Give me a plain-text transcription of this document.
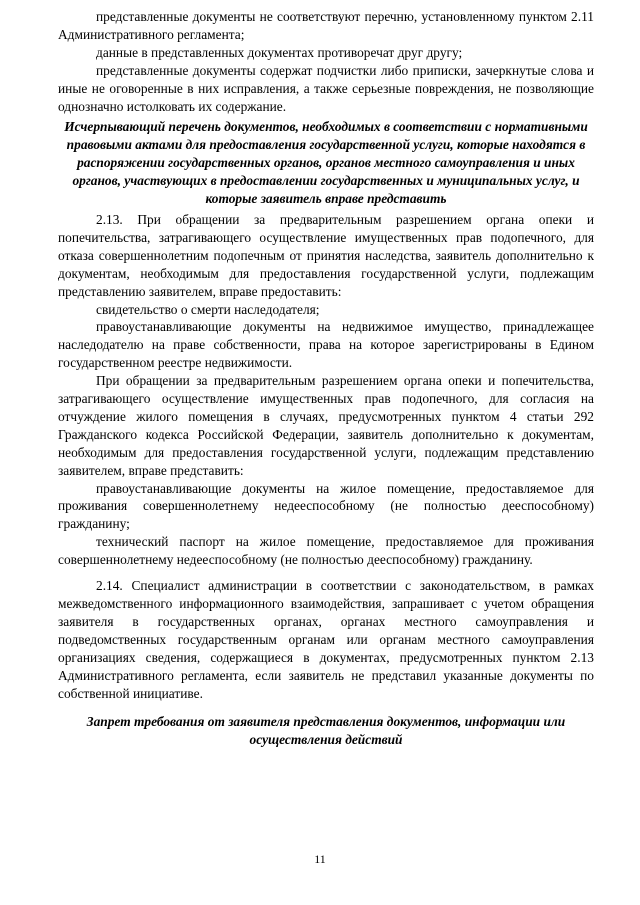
представленные документы не соответствуют перечню, установленному пунктом 2.11 Административного регламента;

данные в представленных документах противоречат друг другу;

представленные документы содержат подчистки либо приписки, зачеркнутые слова и иные не оговоренные в них исправления, а также серьезные повреждения, не позволяющие однозначно истолковать их содержание.

Исчерпывающий перечень документов, необходимых в соответствии с нормативными правовыми актами для предоставления государственной услуги, которые находятся в распоряжении государственных органов, органов местного самоуправления и иных органов, участвующих в предоставлении государственных и муниципальных услуг, и которые заявитель вправе представить

2.13. При обращении за предварительным разрешением органа опеки и попечительства, затрагивающего осуществление имущественных прав подопечного, для отказа совершеннолетним подопечным от принятия наследства, заявитель дополнительно к документам, необходимым для предоставления государственной услуги, подлежащим представлению заявителем, вправе предоставить:

свидетельство о смерти наследодателя;

правоустанавливающие документы на недвижимое имущество, принадлежащее наследодателю на праве собственности, права на которое зарегистрированы в Едином государственном реестре недвижимости.

При обращении за предварительным разрешением органа опеки и попечительства, затрагивающего осуществление имущественных прав подопечного, для согласия на отчуждение жилого помещения в случаях, предусмотренных пунктом 4 статьи 292 Гражданского кодекса Российской Федерации, заявитель дополнительно к документам, необходимым для предоставления государственной услуги, подлежащим представлению заявителем, вправе представить:

правоустанавливающие документы на жилое помещение, предоставляемое для проживания совершеннолетнему недееспособному (не полностью дееспособному) гражданину;

технический паспорт на жилое помещение, предоставляемое для проживания совершеннолетнему недееспособному (не полностью дееспособному) гражданину.

2.14. Специалист администрации в соответствии с законодательством, в рамках межведомственного информационного взаимодействия, запрашивает с учетом обращения заявителя в государственных органах, органах местного самоуправления и подведомственных государственным органам или органам местного самоуправления организациях сведения, содержащиеся в документах, предусмотренных пунктом 2.13 Административного регламента, если заявитель не представил указанные документы по собственной инициативе.

Запрет требования от заявителя представления документов, информации или осуществления действий

11
